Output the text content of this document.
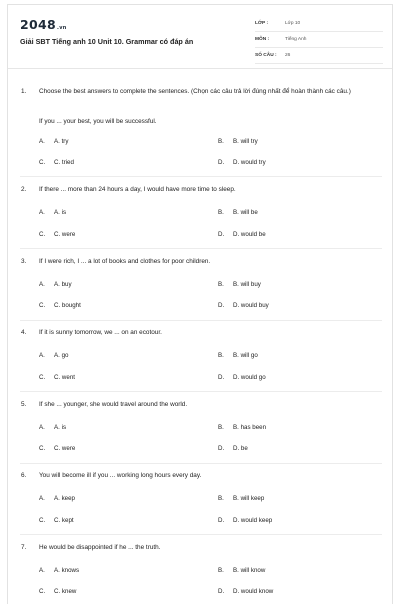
2048.vn
Giải SBT Tiếng anh 10 Unit 10. Grammar có đáp án
LỚP :	Lớp 10
MÔN :	Tiếng Anh
SỐ CÂU :	26
1. Choose the best answers to complete the sentences. (Chọn các câu trả lời đúng nhất để hoàn thành các câu.)
If you ... your best, you will be successful.
A.	A. try	B.	B. will try
C.	C. tried	D.	D. would try
2. If there ... more than 24 hours a day, I would have more time to sleep.
A.	A. is	B.	B. will be
C.	C. were	D.	D. would be
3. If I were rich, I ... a lot of books and clothes for poor children.
A.	A. buy	B.	B. will buy
C.	C. bought	D.	D. would buy
4. If it is sunny tomorrow, we ... on an ecotour.
A.	A. go	B.	B. will go
C.	C. went	D.	D. would go
5. If she ... younger, she would travel around the world.
A.	A. is	B.	B. has been
C.	C. were	D.	D. be
6. You will become ill if you ... working long hours every day.
A.	A. keep	B.	B. will keep
C.	C. kept	D.	D. would keep
7. He would be disappointed if he ... the truth.
A.	A. knows	B.	B. will know
C.	C. knew	D.	D. would know
